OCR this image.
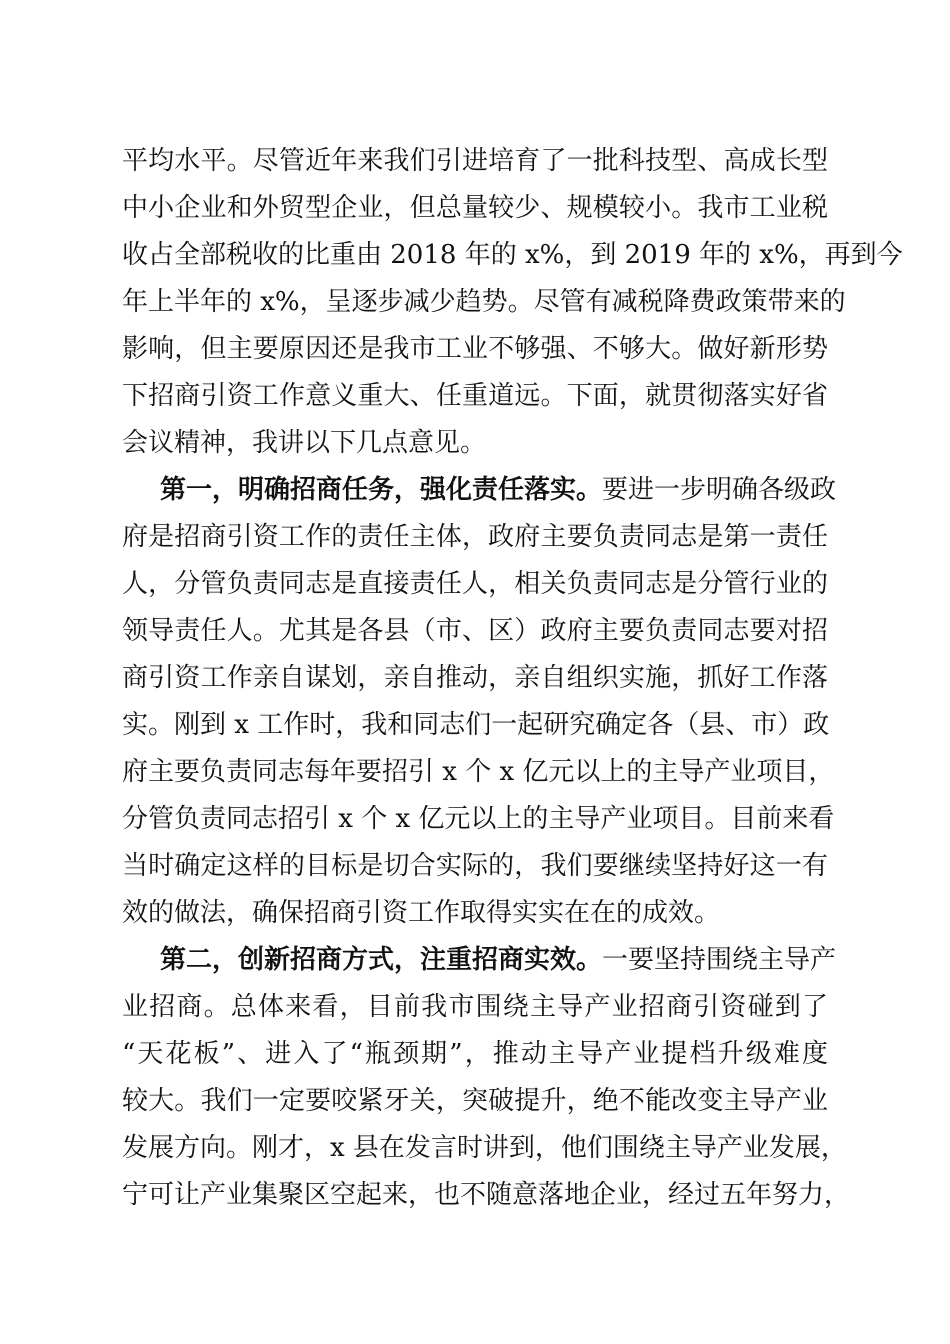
平均水平。尽管近年来我们引进培育了一批科技型、高成长型

中小企业和外贸型企业，但总量较少、规模较小。我市工业税

收占全部税收的比重由 2018 年的 x%，到 2019 年的 x%，再到今

年上半年的 x%，呈逐步减少趋势。尽管有减税降费政策带来的

影响，但主要原因还是我市工业不够强、不够大。做好新形势

下招商引资工作意义重大、任重道远。下面，就贯彻落实好省

会议精神，我讲以下几点意见。

第一，明确招商任务，强化责任落实。要进一步明确各级政

府是招商引资工作的责任主体，政府主要负责同志是第一责任

人，分管负责同志是直接责任人，相关负责同志是分管行业的

领导责任人。尤其是各县（市、区）政府主要负责同志要对招

商引资工作亲自谋划，亲自推动，亲自组织实施，抓好工作落

实。刚到 x 工作时，我和同志们一起研究确定各（县、市）政

府主要负责同志每年要招引 x 个 x 亿元以上的主导产业项目，

分管负责同志招引 x 个 x 亿元以上的主导产业项目。目前来看

当时确定这样的目标是切合实际的，我们要继续坚持好这一有

效的做法，确保招商引资工作取得实实在在的成效。

第二，创新招商方式，注重招商实效。一要坚持围绕主导产

业招商。总体来看，目前我市围绕主导产业招商引资碰到了

“天花板”、进入了“瓶颈期”，推动主导产业提档升级难度

较大。我们一定要咬紧牙关，突破提升，绝不能改变主导产业

发展方向。刚才，x 县在发言时讲到，他们围绕主导产业发展，

宁可让产业集聚区空起来，也不随意落地企业，经过五年努力，
